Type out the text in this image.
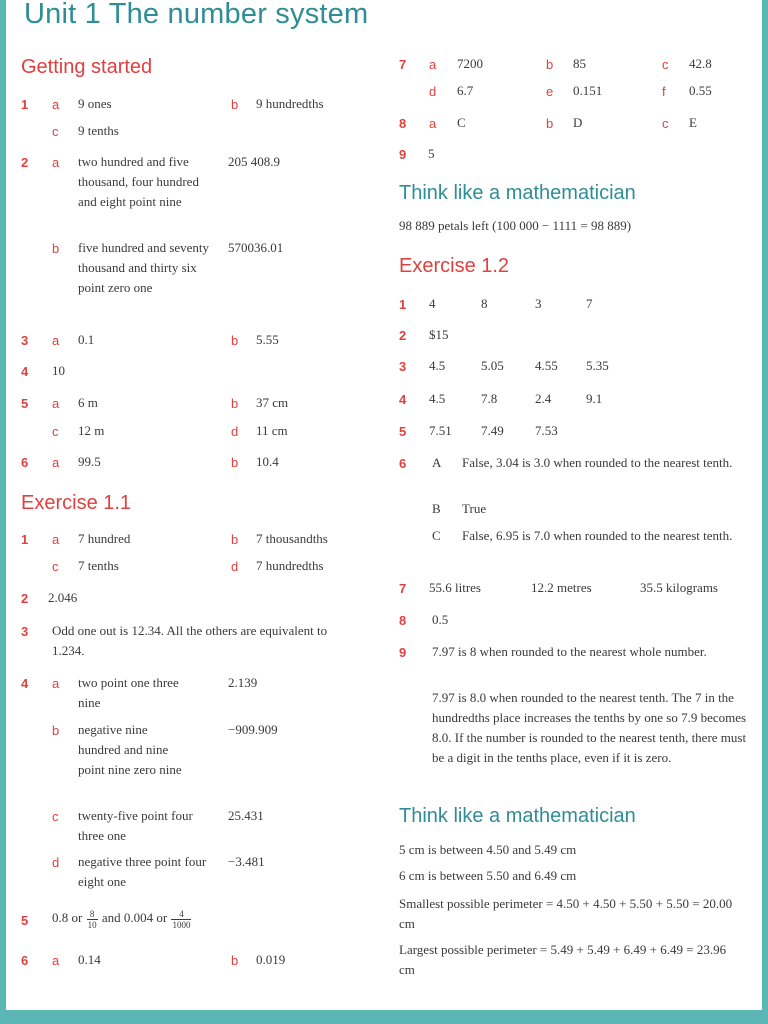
Unit 1 The number system
Getting started
1 a 9 ones	b 9 hundredths
c 9 tenths
2 a two hundred and five thousand, four hundred and eight point nine
205 408.9
b five hundred and seventy thousand and thirty six point zero one
570036.01
3 a 0.1	b 5.55
4 10
5 a 6 m	b 37 cm
c 12 m	d 11 cm
6 a 99.5	b 10.4
Exercise 1.1
1 a 7 hundred	b 7 thousandths
c 7 tenths	d 7 hundredths
2 2.046
3 Odd one out is 12.34. All the others are equivalent to 1.234.
4 a two point one three nine
2.139
b negative nine hundred and nine point nine zero nine
−909.909
c twenty-five point four three one
25.431
d negative three point four eight one
−3.481
5 0.8 or $\frac{8}{10}$ and 0.004 or $\frac{4}{1000}$
6 a 0.14	b 0.019
7 a 7200	b 85	c 42.8
d 6.7	e 0.151	f 0.55
8 a C	b D	c E
9 5
Think like a mathematician
98 889 petals left (100 000 − 1111 = 98 889)
Exercise 1.2
1 4	8	3	7
2 $15
3 4.5	5.05 4.55 5.35
4 4.5	7.8	2.4	9.1
5 7.51 7.49 7.53
6 A False, 3.04 is 3.0 when rounded to the nearest tenth.
B True
C False, 6.95 is 7.0 when rounded to the nearest tenth.
7 55.6 litres	12.2 metres	35.5 kilograms
8 0.5
9 7.97 is 8 when rounded to the nearest whole number.
7.97 is 8.0 when rounded to the nearest tenth. The 7 in the hundredths place increases the tenths by one so 7.9 becomes 8.0. If the number is rounded to the nearest tenth, there must be a digit in the tenths place, even if it is zero.
Think like a mathematician
5 cm is between 4.50 and 5.49 cm
6 cm is between 5.50 and 6.49 cm
Smallest possible perimeter = 4.50 + 4.50 + 5.50 + 5.50 = 20.00 cm
Largest possible perimeter = 5.49 + 5.49 + 6.49 + 6.49 = 23.96 cm
